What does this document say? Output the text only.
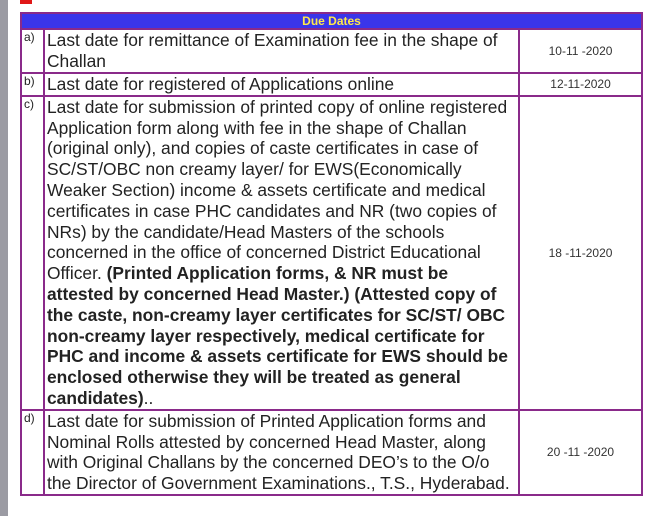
Due Dates		
a)	Last date for remittance of Examination fee in the shape of Challan	10-11 -2020
b)	Last date for registered of Applications online	12-11-2020
c)	Last date for submission of printed copy of online registered Application form along with fee in the shape of Challan (original only), and copies of caste certificates in case of SC/ST/OBC non creamy layer/ for EWS(Economically Weaker Section) income & assets certificate and medical certificates in case PHC candidates and NR (two copies of NRs) by the candidate/Head Masters of the schools concerned in the office of concerned District Educational Officer. (Printed Application forms, & NR must be attested by concerned Head Master.) (Attested copy of the caste, non-creamy layer certificates for SC/ST/ OBC non-creamy layer respectively, medical certificate for PHC and income & assets certificate for EWS should be enclosed otherwise they will be treated as general candidates)..	18 -11-2020
d)	Last date for submission of Printed Application forms and Nominal Rolls attested by concerned Head Master, along with Original Challans by the concerned DEO’s to the O/o the Director of Government Examinations., T.S., Hyderabad.	20 -11 -2020
